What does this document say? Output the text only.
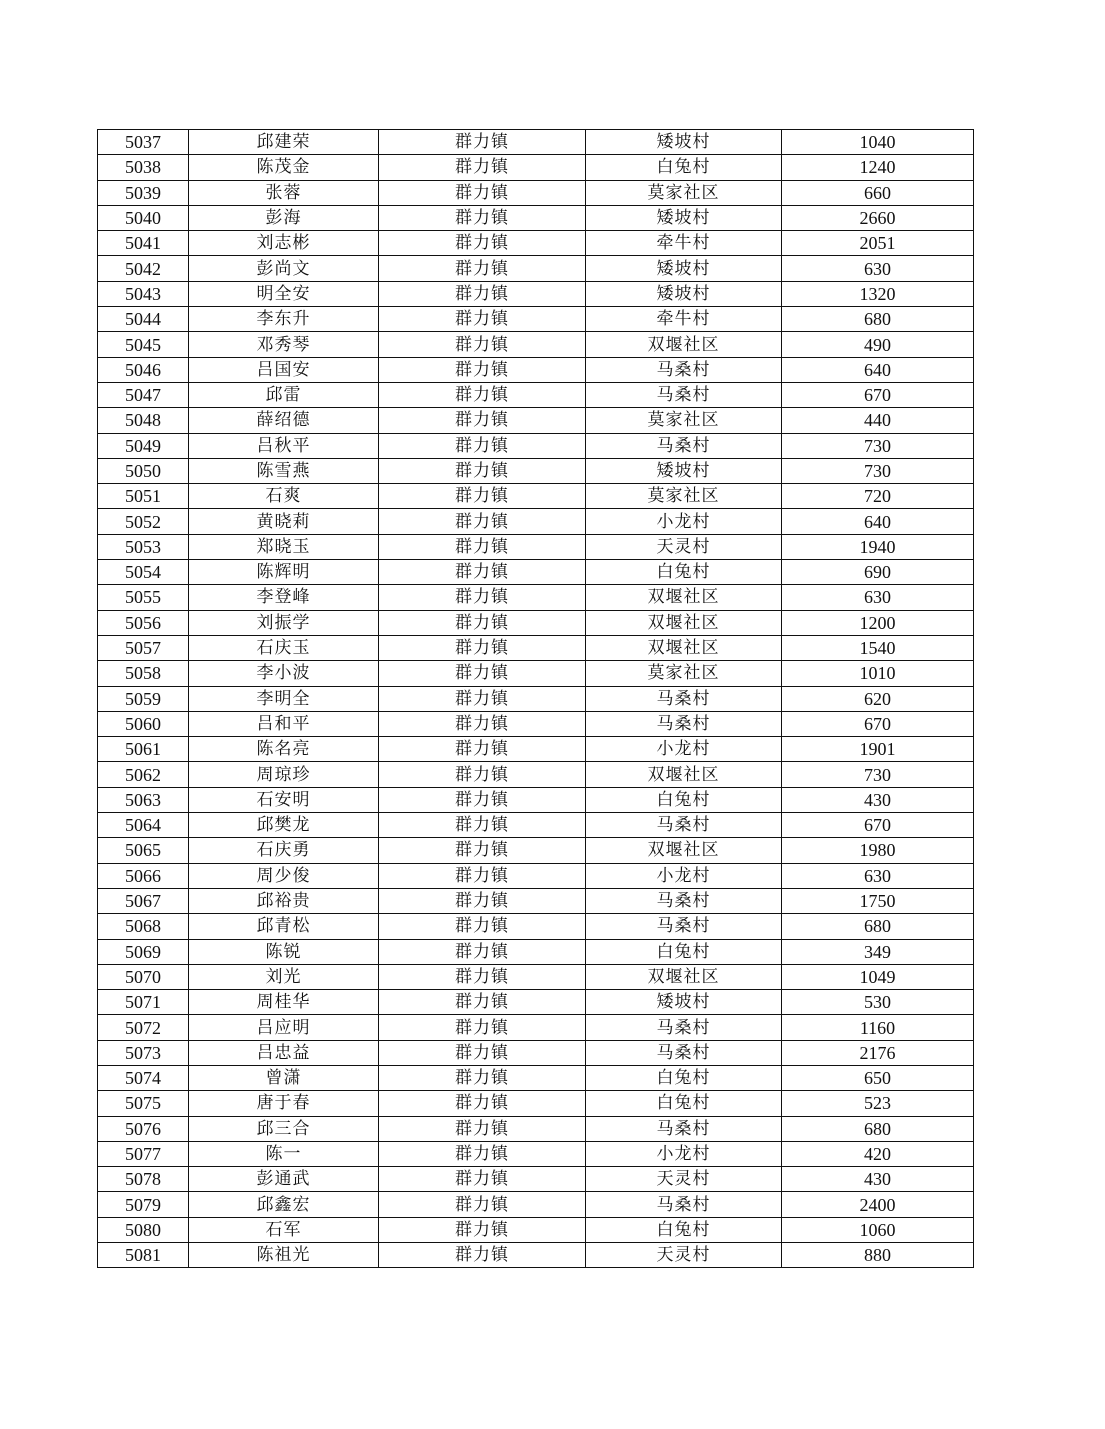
5037	邱建荣	群力镇	矮坡村	1040
5038	陈茂金	群力镇	白兔村	1240
5039	张蓉	群力镇	莫家社区	660
5040	彭海	群力镇	矮坡村	2660
5041	刘志彬	群力镇	牵牛村	2051
5042	彭尚文	群力镇	矮坡村	630
5043	明全安	群力镇	矮坡村	1320
5044	李东升	群力镇	牵牛村	680
5045	邓秀琴	群力镇	双堰社区	490
5046	吕国安	群力镇	马桑村	640
5047	邱雷	群力镇	马桑村	670
5048	薛绍德	群力镇	莫家社区	440
5049	吕秋平	群力镇	马桑村	730
5050	陈雪燕	群力镇	矮坡村	730
5051	石爽	群力镇	莫家社区	720
5052	黄晓莉	群力镇	小龙村	640
5053	郑晓玉	群力镇	天灵村	1940
5054	陈辉明	群力镇	白兔村	690
5055	李登峰	群力镇	双堰社区	630
5056	刘振学	群力镇	双堰社区	1200
5057	石庆玉	群力镇	双堰社区	1540
5058	李小波	群力镇	莫家社区	1010
5059	李明全	群力镇	马桑村	620
5060	吕和平	群力镇	马桑村	670
5061	陈名亮	群力镇	小龙村	1901
5062	周琼珍	群力镇	双堰社区	730
5063	石安明	群力镇	白兔村	430
5064	邱樊龙	群力镇	马桑村	670
5065	石庆勇	群力镇	双堰社区	1980
5066	周少俊	群力镇	小龙村	630
5067	邱裕贵	群力镇	马桑村	1750
5068	邱青松	群力镇	马桑村	680
5069	陈锐	群力镇	白兔村	349
5070	刘光	群力镇	双堰社区	1049
5071	周桂华	群力镇	矮坡村	530
5072	吕应明	群力镇	马桑村	1160
5073	吕忠益	群力镇	马桑村	2176
5074	曾潇	群力镇	白兔村	650
5075	唐于春	群力镇	白兔村	523
5076	邱三合	群力镇	马桑村	680
5077	陈一	群力镇	小龙村	420
5078	彭通武	群力镇	天灵村	430
5079	邱鑫宏	群力镇	马桑村	2400
5080	石军	群力镇	白兔村	1060
5081	陈祖光	群力镇	天灵村	880
